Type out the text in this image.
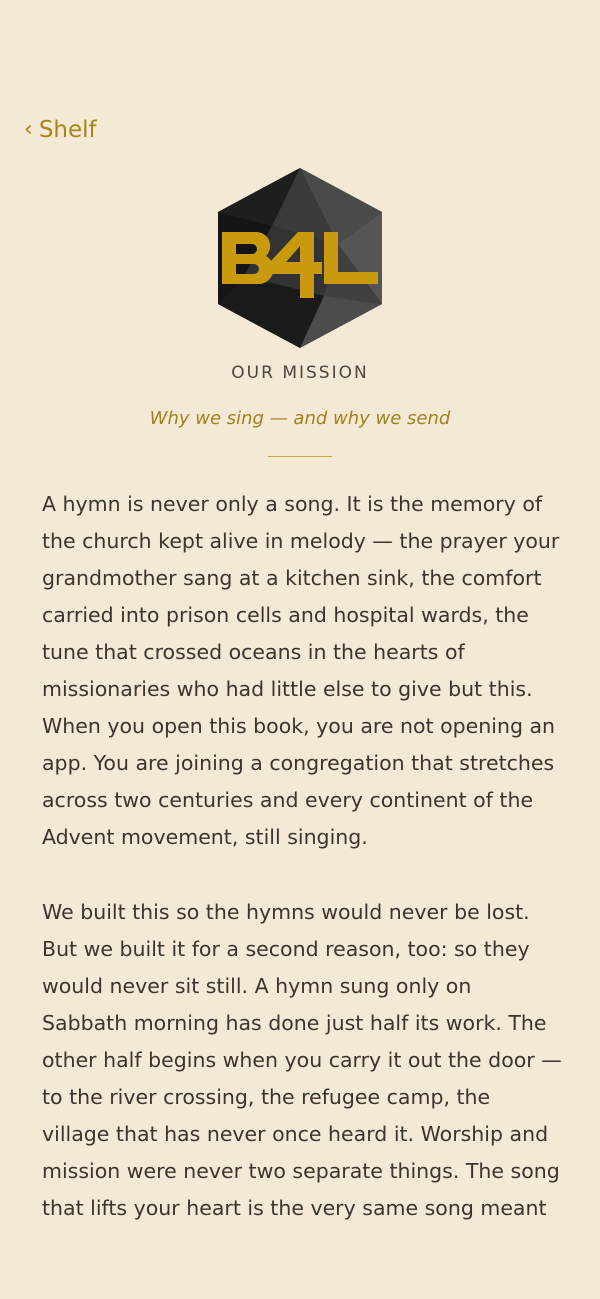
‹ Shelf
OUR MISSION
Why we sing — and why we send

A hymn is never only a song. It is the memory of the church kept alive in melody — the prayer your grandmother sang at a kitchen sink, the comfort carried into prison cells and hospital wards, the tune that crossed oceans in the hearts of missionaries who had little else to give but this. When you open this book, you are not opening an app. You are joining a congregation that stretches across two centuries and every continent of the Advent movement, still singing.

We built this so the hymns would never be lost. But we built it for a second reason, too: so they would never sit still. A hymn sung only on Sabbath morning has done just half its work. The other half begins when you carry it out the door — to the river crossing, the refugee camp, the village that has never once heard it. Worship and mission were never two separate things. The song that lifts your heart is the very same song meant
